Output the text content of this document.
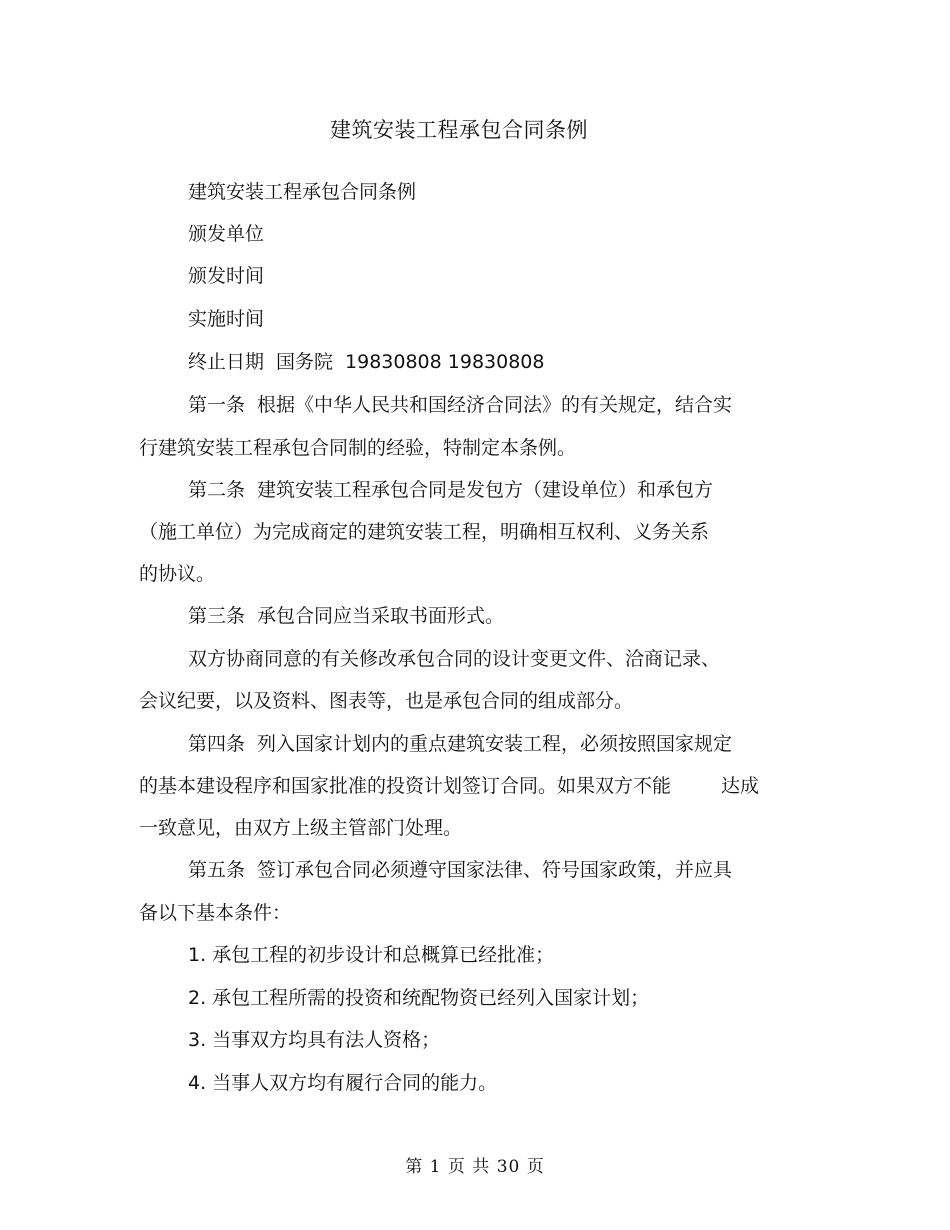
建筑安装工程承包合同条例
建筑安装工程承包合同条例
颁发单位
颁发时间
实施时间
终止日期 国务院 19830808 19830808
第一条 根据《中华人民共和国经济合同法》的有关规定，结合实
行建筑安装工程承包合同制的经验，特制定本条例。
第二条 建筑安装工程承包合同是发包方（建设单位）和承包方
（施工单位）为完成商定的建筑安装工程，明确相互权利、义务关系
的协议。
第三条 承包合同应当采取书面形式。
双方协商同意的有关修改承包合同的设计变更文件、洽商记录、
会议纪要，以及资料、图表等，也是承包合同的组成部分。
第四条 列入国家计划内的重点建筑安装工程，必须按照国家规定
的基本建设程序和国家批准的投资计划签订合同。如果双方不能	达成
一致意见，由双方上级主管部门处理。
第五条 签订承包合同必须遵守国家法律、符号国家政策，并应具
备以下基本条件：
1. 承包工程的初步设计和总概算已经批准；
2. 承包工程所需的投资和统配物资已经列入国家计划；
3. 当事双方均具有法人资格；
4. 当事人双方均有履行合同的能力。
第 1 页 共 30 页
